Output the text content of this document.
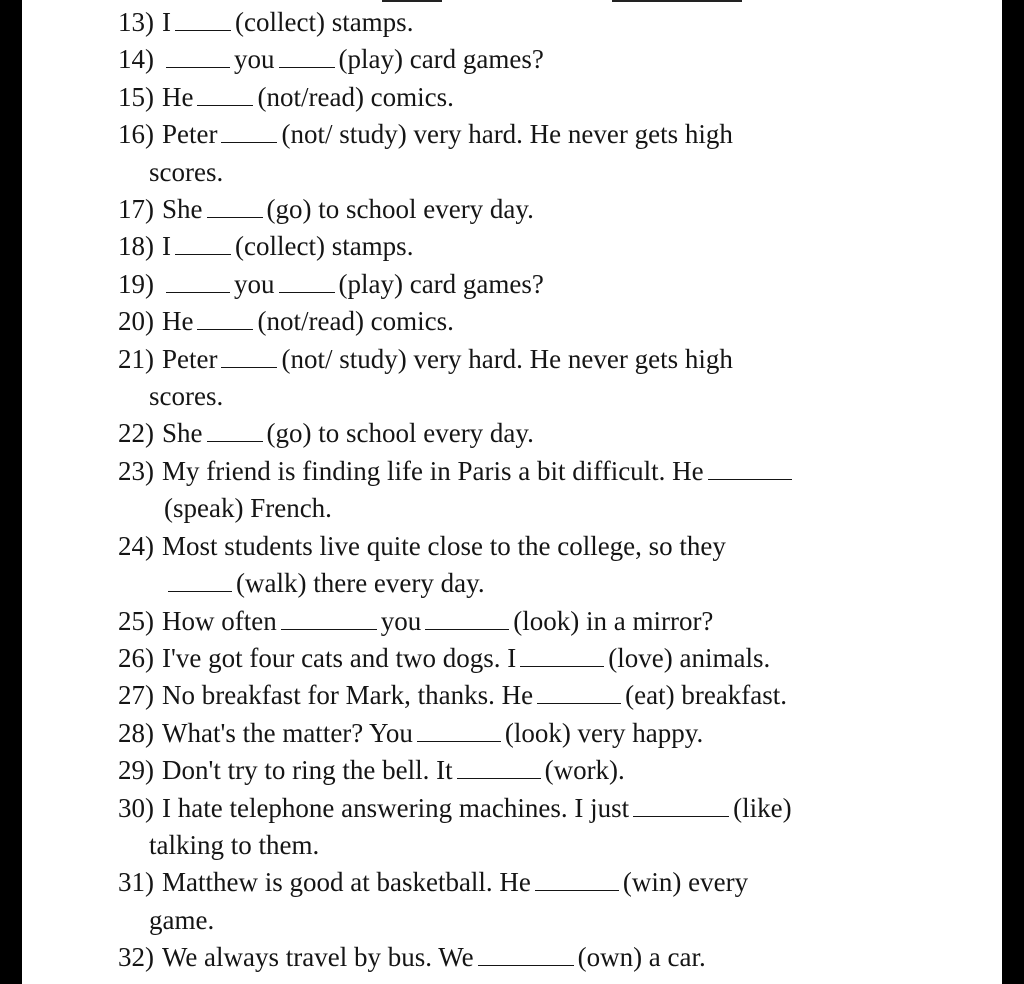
13) I (collect) stamps.
14)	you (play) card games?
15) He (not/read) comics.
16) Peter (not/ study) very hard. He never gets high
scores.
17) She (go) to school every day.
18) I (collect) stamps.
19)	you (play) card games?
20) He (not/read) comics.
21) Peter (not/ study) very hard. He never gets high
scores.
22) She (go) to school every day.
23) My friend is finding life in Paris a bit difficult. He
(speak) French.
24) Most students live quite close to the college, so they
(walk) there every day.
25) How often	you	(look) in a mirror?
26) I've got four cats and two dogs. I	(love) animals.
27) No breakfast for Mark, thanks. He	(eat) breakfast.
28) What's the matter? You	(look) very happy.
29) Don't try to ring the bell. It	(work).
30) I hate telephone answering machines. I just	(like)
talking to them.
31) Matthew is good at basketball. He	(win) every
game.
32) We always travel by bus. We	(own) a car.
